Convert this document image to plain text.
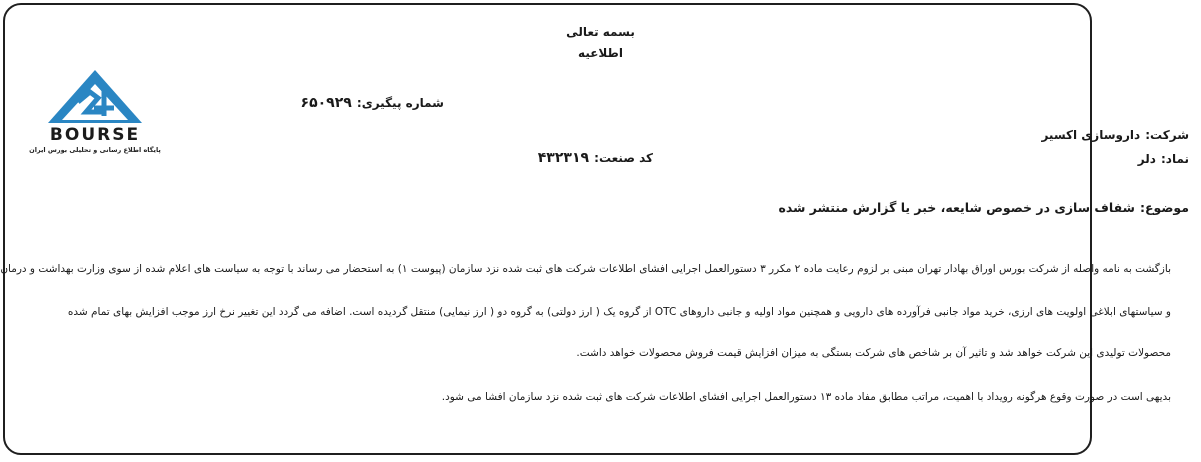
بسمه تعالی
اطلاعیه
شماره پیگیری: ۶۵۰۹۲۹
شرکت: داروسازی اکسیر
نماد: دلر
کد صنعت: ۴۳۲۳۱۹
BOURSE
پایگاه اطلاع رسانی و تحلیلی بورس ایران
موضوع: شفاف سازی در خصوص شایعه، خبر یا گزارش منتشر شده
بازگشت به نامه واصله از شرکت بورس اوراق بهادار تهران مبنی بر لزوم رعایت ماده ۲ مکرر ۳ دستورالعمل اجرایی افشای اطلاعات شرکت های ثبت شده نزد سازمان (پیوست ۱) به استحضار می رساند با توجه به سیاست های اعلام شده از سوی وزارت بهداشت و درمان
و سیاستهای ابلاغی اولویت های ارزی، خرید مواد جانبی فرآورده های دارویی و همچنین مواد اولیه و جانبی داروهای OTC از گروه یک ( ارز دولتی) به گروه دو ( ارز نیمایی) منتقل گردیده است. اضافه می گردد این تغییر نرخ ارز موجب افزایش بهای تمام شده
محصولات تولیدی این شرکت خواهد شد و تاثیر آن بر شاخص های شرکت بستگی به میزان افزایش قیمت فروش محصولات خواهد داشت.
بدیهی است در صورت وقوع هرگونه رویداد با اهمیت، مراتب مطابق مفاد ماده ۱۳ دستورالعمل اجرایی افشای اطلاعات شرکت های ثبت شده نزد سازمان افشا می شود.
